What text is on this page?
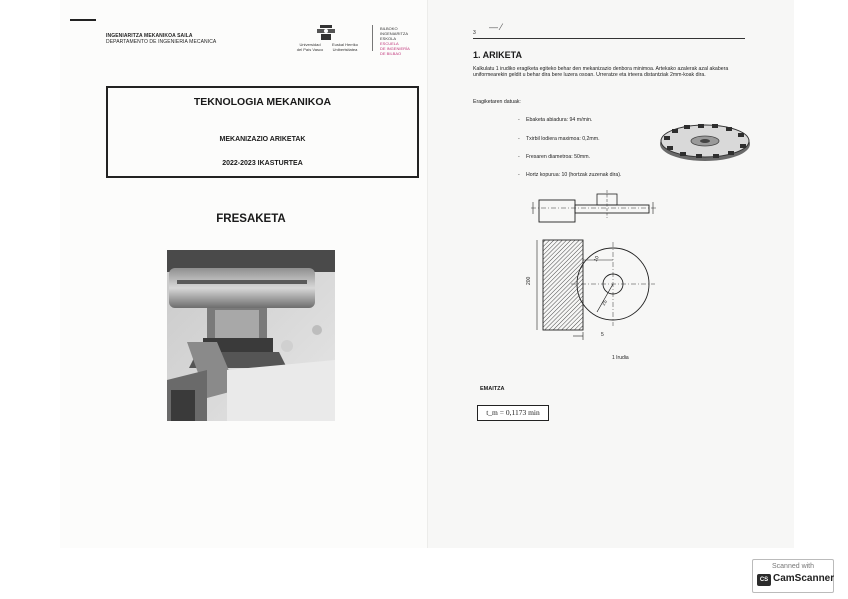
INGENIARITZA MEKANIKOA SAILA
DEPARTAMENTO DE INGENIERIA MECANICA	Universidad
del País Vasco
Euskal Herriko
Unibertsitatea
BILBOKO
INGENIARITZA
ESKOLA
ESCUELA
DE INGENIERÍA
DE BILBAO
TEKNOLOGIA MEKANIKOA
MEKANIZAZIO ARIKETAK
2022-2023 IKASTURTEA
FRESAKETA
— ⁄
3
1. ARIKETA
Kalkulatu 1 irudiko eragiketa egiteko behar den mekanizazio denbora minimoa. Artekako azalerak azal akabera uniformearekin geldit u behar dira bere luzera osoan. Urreratze eta irteera distantziak 2mm-koak dira.
Eragiketaren datuak:
- Ebaketa abiadura: 94 m/min.
- Txirbil lodiera maximoa: 0,2mm.
- Fresaren diametroa: 50mm.
- Hortz kopurua: 10 (hortzak zuzenak dira).
200
10
25
5
1 Irudia
EMAITZA
t_m = 0,1173 min
Scanned with
CS CamScanner
